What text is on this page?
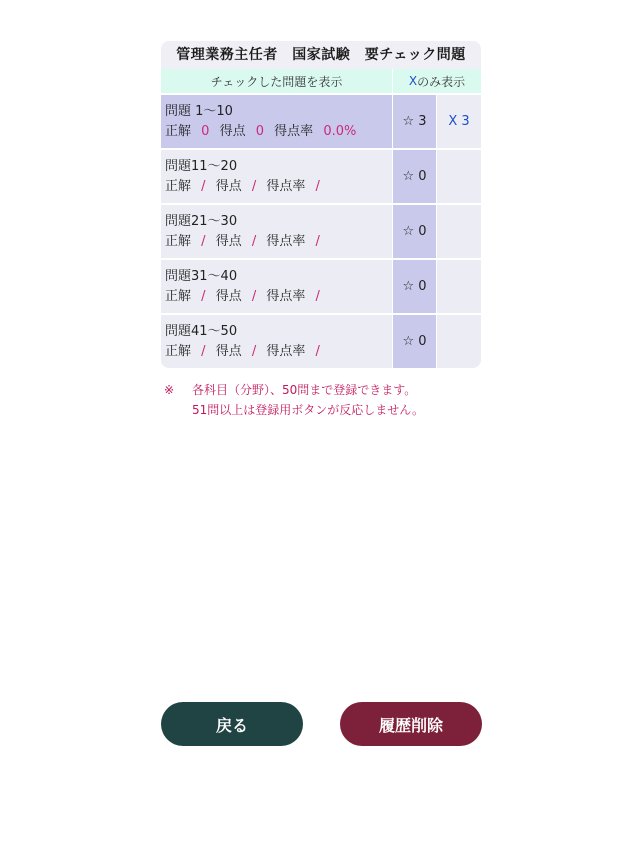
管理業務主任者　国家試験　要チェック問題
チェックした問題を表示	X のみ表示
問題 1〜10
正解 0 得点 0 得点率 0.0%
☆ 3	X 3
問題11〜20
正解 / 得点 / 得点率 /
☆ 0
問題21〜30
正解 / 得点 / 得点率 /
☆ 0
問題31〜40
正解 / 得点 / 得点率 /
☆ 0
問題41〜50
正解 / 得点 / 得点率 /
☆ 0
※	各科目（分野）、50問まで登録できます。
51問以上は登録用ボタンが反応しません。
戻る	履歴削除
